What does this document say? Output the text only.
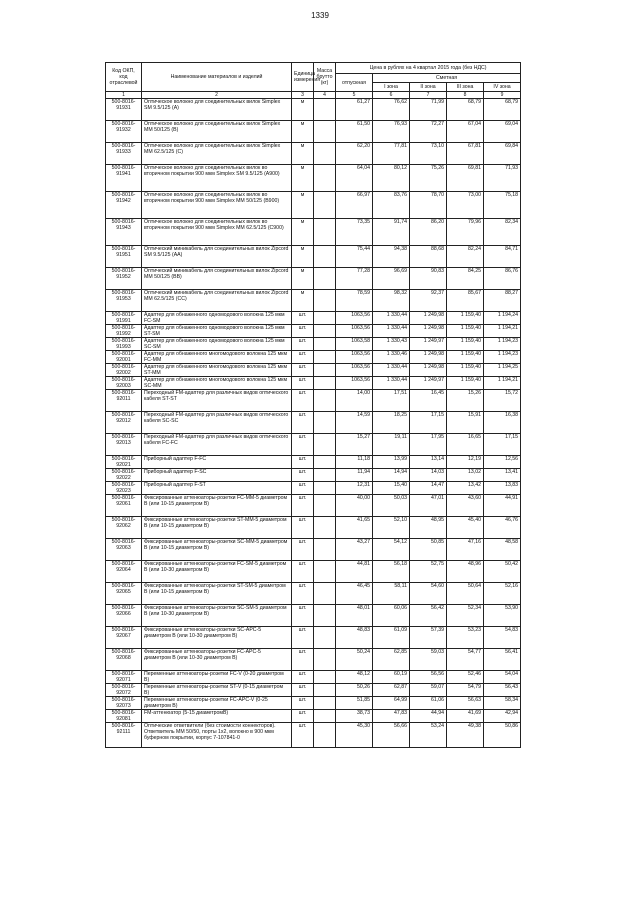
1339
Код ОКП, код отраслевой	Наименование материалов и изделий	Единица измерения	Масса брутто (кг)	Цена в рублях на 4 квартал 2015 года (без НДС)				
				отпускная	Сметная			
					I зона	II зона	III зона	IV зона
1	2	3	4	5	6	7	8	9
500-8016-91931	Оптическое волокно для соединительных вилок Simplex SM 9.5/125 (А)	м		61,27	76,62	71,99	68,79	68,79
500-8016-91932	Оптическое волокно для соединительных вилок Simplex MM 50/125 (В)	м		61,50	76,93	72,27	67,04	69,04
500-8016-91933	Оптическое волокно для соединительных вилок Simplex MM 62.5/125 (С)	м		62,20	77,81	73,10	67,81	69,84
500-8016-91941	Оптическое волокно для соединительных вилок во вторичном покрытии 900 мкм Simplex SM 9.5/125 (А900)	м		64,04	80,12	75,26	69,81	71,93
500-8016-91942	Оптическое волокно для соединительных вилок во вторичном покрытии 900 мкм Simplex MM 50/125 (В900)	м		66,97	83,76	78,70	73,00	75,18
500-8016-91943	Оптическое волокно для соединительных вилок во вторичном покрытии 900 мкм Simplex MM 62.5/125 (С900)	м		73,35	91,74	86,20	79,96	82,34
500-8016-91951	Оптический миникабель для соединительных вилок Zipcord SM 9.5/125 (AA)	м		75,44	94,38	88,68	82,24	84,71
500-8016-91952	Оптический миникабель для соединительных вилок Zipcord MM 50/125 (BB)	м		77,28	96,69	90,83	84,25	86,76
500-8016-91953	Оптический миникабель для соединительных вилок Zipcord MM 62.5/125 (CC)	м		78,59	98,32	92,37	85,67	88,27
500-8016-91991	Адаптер для обнаженного одномодового волокна 125 мкм FC-SM	шт.		1063,56	1 330,44	1 249,98	1 159,40	1 194,24
500-8016-91992	Адаптер для обнаженного одномодового волокна 125 мкм ST-SM	шт.		1063,56	1 330,44	1 249,98	1 159,40	1 194,21
500-8016-91993	Адаптер для обнаженного одномодового волокна 125 мкм SC-SM	шт.		1063,58	1 330,43	1 249,97	1 159,40	1 194,23
500-8016-92001	Адаптер для обнаженного многомодового волокна 125 мкм FC-MM	шт.		1063,56	1 330,46	1 249,98	1 159,40	1 194,23
500-8016-92002	Адаптер для обнаженного многомодового волокна 125 мкм ST-MM	шт.		1063,56	1 330,44	1 249,98	1 159,40	1 194,25
500-8016-92003	Адаптер для обнаженного многомодового волокна 125 мкм SC-MM	шт.		1063,56	1 330,44	1 249,97	1 159,40	1 194,21
500-8016-92011	Переходный FM-адаптер для различных видов оптического кабеля ST-ST	шт.		14,00	17,51	16,45	15,26	15,72
500-8016-92012	Переходный FM-адаптер для различных видов оптического кабеля SC-SC	шт.		14,59	18,25	17,15	15,91	16,38
500-8016-92013	Переходный FM-адаптер для различных видов оптического кабеля FC-FC	шт.		15,27	19,11	17,95	16,65	17,15
500-8016-92021	Приборный адаптер F-FC	шт.		11,18	13,99	13,14	12,19	12,56
500-8016-92022	Приборный адаптер F-SC	шт.		11,94	14,94	14,03	13,02	13,41
500-8016-92023	Приборный адаптер F-ST	шт.		12,31	15,40	14,47	13,42	13,83
500-8016-92061	Фиксированные аттенюаторы-розетки FC-MM-5 диаметром В (или 10-15 диаметром В)	шт.		40,00	50,03	47,01	43,60	44,91
500-8016-92062	Фиксированные аттенюаторы-розетки ST-MM-5 диаметром В (или 10-15 диаметром В)	шт.		41,65	52,10	48,95	45,40	46,76
500-8016-92063	Фиксированные аттенюаторы-розетки SC-MM-5 диаметром В (или 10-15 диаметром В)	шт.		43,27	54,12	50,85	47,16	48,58
500-8016-92064	Фиксированные аттенюаторы-розетки FC-SM-5 диаметром В (или 10-30 диаметром В)	шт.		44,81	56,18	52,75	48,96	50,42
500-8016-92065	Фиксированные аттенюаторы-розетки ST-SM-5 диаметром В (или 10-15 диаметром В)	шт.		46,45	58,11	54,60	50,64	52,16
500-8016-92066	Фиксированные аттенюаторы-розетки SC-SM-5 диаметром В (или 10-30 диаметром В)	шт.		48,01	60,06	56,42	52,34	53,90
500-8016-92067	Фиксированные аттенюаторы-розетки SC-APC-5 диаметром В (или 10-30 диаметром В)	шт.		48,83	61,09	57,39	53,23	54,83
500-8016-92068	Фиксированные аттенюаторы-розетки FC-APC-5 диаметром В (или 10-30 диаметром В)	шт.		50,24	62,85	59,03	54,77	56,41
500-8016-92071	Переменные аттенюаторы-розетки FC-V (0-20 диаметром В)	шт.		48,12	60,19	56,56	52,46	54,04
500-8016-92072	Переменные аттенюаторы-розетки ST-V (0-15 диаметром В)	шт.		50,26	62,87	59,07	54,79	56,43
500-8016-92073	Переменные аттенюаторы-розетки FC-APC-V (0-25 диаметром В)	шт.		51,85	64,99	61,06	56,63	58,34
500-8016-92081	FM-аттенюатор (5-15 диаметромВ)	шт.		38,73	47,83	44,94	41,69	42,94
500-8016-92111	Оптические ответвители (без стоимости коннекторов). Ответвитель MM 50/50, порты 1x2, волокно в 900 мкм буферном покрытии, корпус 7-107841-0	шт.		45,30	56,66	53,24	49,38	50,86
